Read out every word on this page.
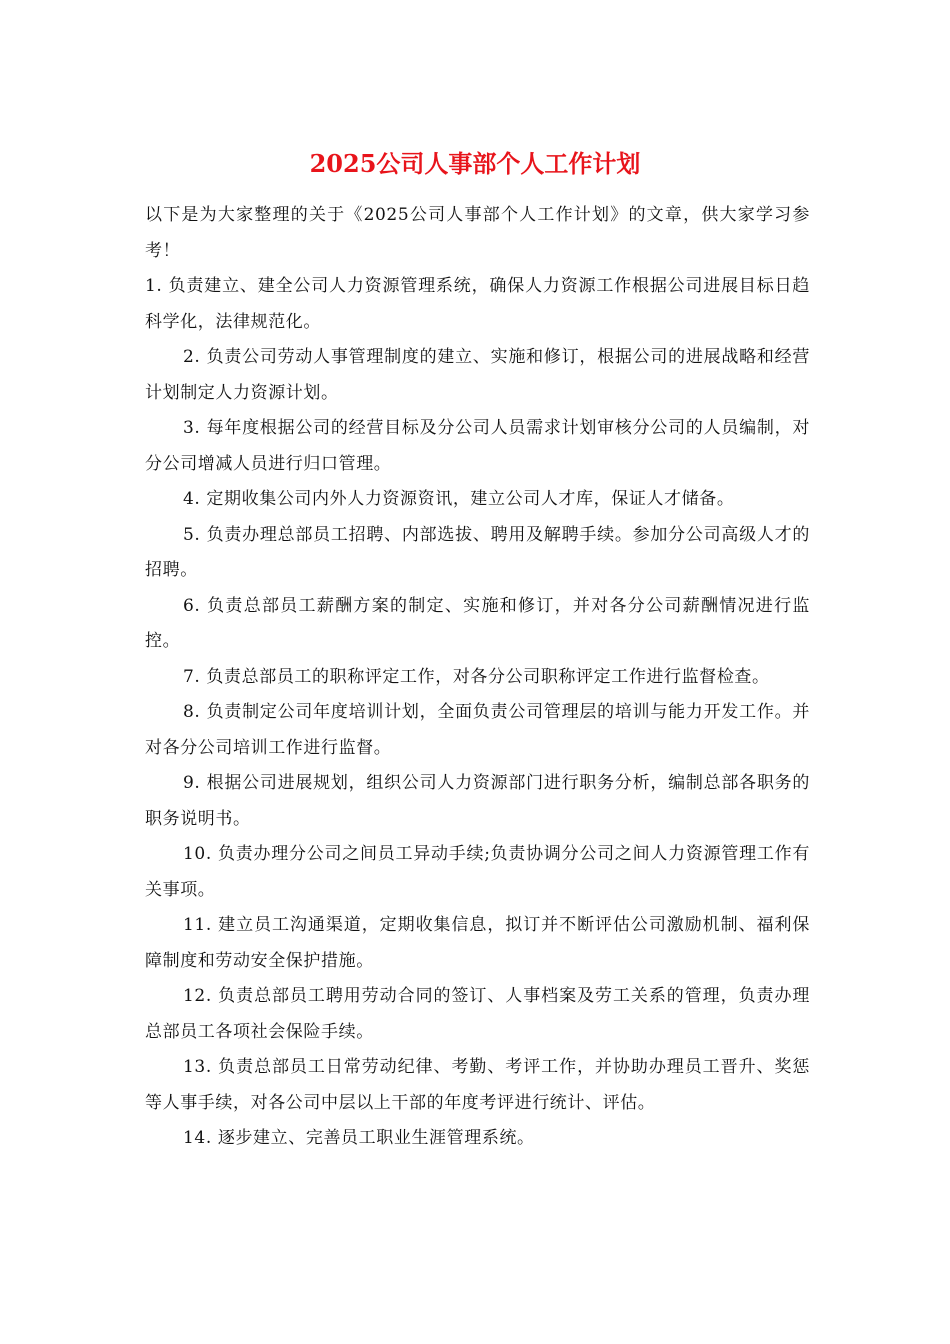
2025公司人事部个人工作计划

以下是为大家整理的关于《2025公司人事部个人工作计划》的文章，供大家学习参考！

1. 负责建立、建全公司人力资源管理系统，确保人力资源工作根据公司进展目标日趋科学化，法律规范化。

2. 负责公司劳动人事管理制度的建立、实施和修订，根据公司的进展战略和经营计划制定人力资源计划。

3. 每年度根据公司的经营目标及分公司人员需求计划审核分公司的人员编制，对分公司增减人员进行归口管理。

4. 定期收集公司内外人力资源资讯，建立公司人才库，保证人才储备。

5. 负责办理总部员工招聘、内部选拔、聘用及解聘手续。参加分公司高级人才的招聘。

6. 负责总部员工薪酬方案的制定、实施和修订，并对各分公司薪酬情况进行监控。

7. 负责总部员工的职称评定工作，对各分公司职称评定工作进行监督检查。

8. 负责制定公司年度培训计划，全面负责公司管理层的培训与能力开发工作。并对各分公司培训工作进行监督。

9. 根据公司进展规划，组织公司人力资源部门进行职务分析，编制总部各职务的职务说明书。

10. 负责办理分公司之间员工异动手续;负责协调分公司之间人力资源管理工作有关事项。

11. 建立员工沟通渠道，定期收集信息，拟订并不断评估公司激励机制、福利保障制度和劳动安全保护措施。

12. 负责总部员工聘用劳动合同的签订、人事档案及劳工关系的管理，负责办理总部员工各项社会保险手续。

13. 负责总部员工日常劳动纪律、考勤、考评工作，并协助办理员工晋升、奖惩等人事手续，对各公司中层以上干部的年度考评进行统计、评估。

14. 逐步建立、完善员工职业生涯管理系统。
